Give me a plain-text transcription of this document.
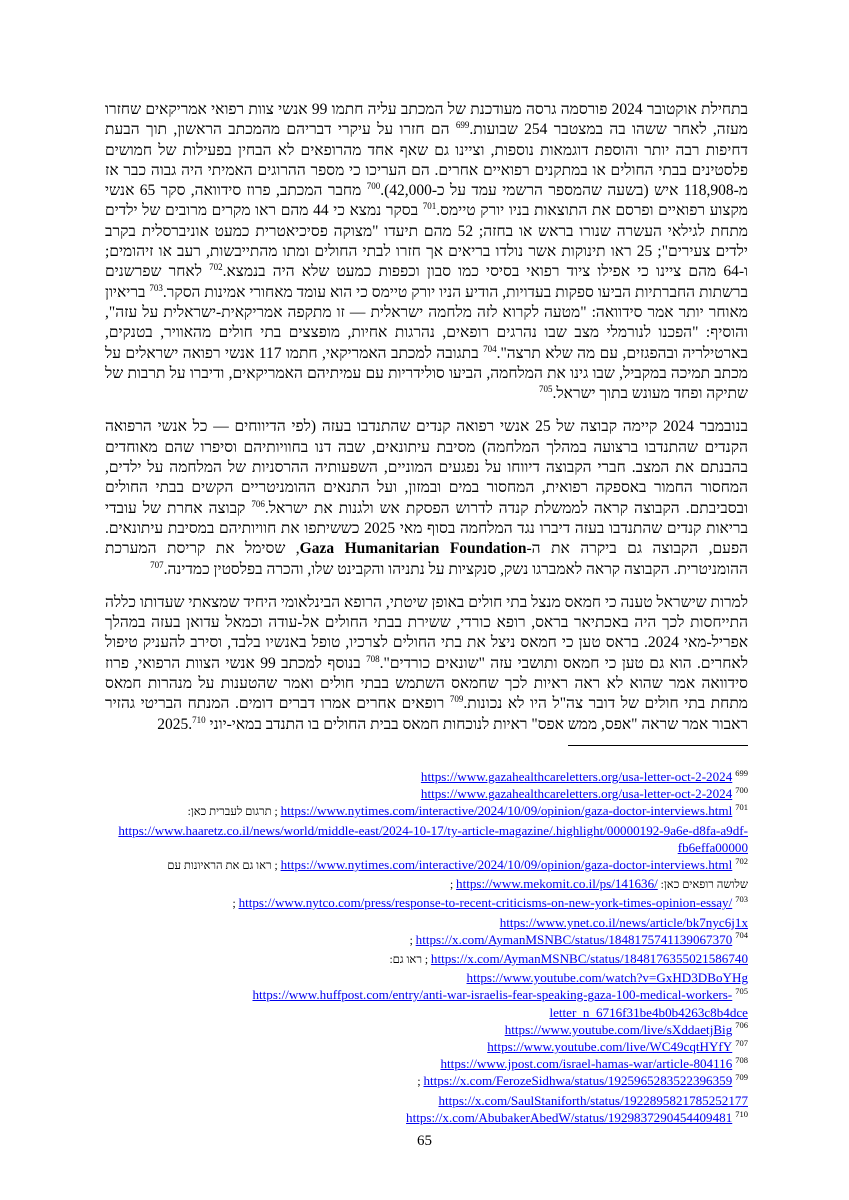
בתחילת אוקטובר 2024 פורסמה גרסה מעודכנת של המכתב עליה חתמו 99 אנשי צוות רפואי אמריקאים שחזרו מעזה, לאחר ששהו בה במצטבר 254 שבועות.$^{699}$ הם חזרו על עיקרי דבריהם מהמכתב הראשון, תוך הבעת דחיפות רבה יותר והוספת דוגמאות נוספות, וציינו גם שאף אחד מהרופאים לא הבחין בפעילות של חמושים פלסטינים בבתי החולים או במתקנים רפואיים אחרים. הם העריכו כי מספר ההרוגים האמיתי היה גבוה כבר אז מ-118,908 איש (בשעה שהמספר הרשמי עמד על כ-42,000).$^{700}$ מחבר המכתב, פרוז סידוואה, סקר 65 אנשי מקצוע רפואיים ופרסם את התוצאות בניו יורק טיימס.$^{701}$ בסקר נמצא כי 44 מהם ראו מקרים מרובים של ילדים מתחת לגילאי העשרה שנורו בראש או בחזה; 52 מהם תיעדו "מצוקה פסיכיאטרית כמעט אוניברסלית בקרב ילדים צעירים"; 25 ראו תינוקות אשר נולדו בריאים אך חזרו לבתי החולים ומתו מהתייבשות, רעב או זיהומים; ו-64 מהם ציינו כי אפילו ציוד רפואי בסיסי כמו סבון וכפפות כמעט שלא היה בנמצא.$^{702}$ לאחר שפרשנים ברשתות החברתיות הביעו ספקות בעדויות, הודיע הניו יורק טיימס כי הוא עומד מאחורי אמינות הסקר.$^{703}$ בריאיון מאוחר יותר אמר סידוואה: "מטעה לקרוא לזה מלחמה ישראלית — זו מתקפה אמריקאית-ישראלית על עזה", והוסיף: "הפכנו לנורמלי מצב שבו נהרגים רופאים, נהרגות אחיות, מופצצים בתי חולים מהאוויר, בטנקים, בארטילריה ובהפגזים, עם מה שלא תרצה".$^{704}$ בתגובה למכתב האמריקאי, חתמו 117 אנשי רפואה ישראלים על מכתב תמיכה במקביל, שבו גינו את המלחמה, הביעו סולידריות עם עמיתיהם האמריקאים, ודיברו על תרבות של שתיקה ופחד מעונש בתוך ישראל.$^{705}$

בנובמבר 2024 קיימה קבוצה של 25 אנשי רפואה קנדים שהתנדבו בעזה (לפי הדיווחים — כל אנשי הרפואה הקנדים שהתנדבו ברצועה במהלך המלחמה) מסיבת עיתונאים, שבה דנו בחוויותיהם וסיפרו שהם מאוחדים בהבנתם את המצב. חברי הקבוצה דיווחו על נפגעים המוניים, השפעותיה ההרסניות של המלחמה על ילדים, המחסור החמור באספקה רפואית, המחסור במים ובמזון, ועל התנאים ההומניטריים הקשים בבתי החולים ובסביבתם. הקבוצה קראה לממשלת קנדה לדרוש הפסקת אש ולגנות את ישראל.$^{706}$ קבוצה אחרת של עובדי בריאות קנדים שהתנדבו בעזה דיברו נגד המלחמה בסוף מאי 2025 כששיתפו את חוויותיהם במסיבת עיתונאים. הפעם, הקבוצה גם ביקרה את ה-Gaza Humanitarian Foundation, שסימל את קריסת המערכת ההומניטרית. הקבוצה קראה לאמברגו נשק, סנקציות על נתניהו והקבינט שלו, והכרה בפלסטין כמדינה.$^{707}$

למרות שישראל טענה כי חמאס מנצל בתי חולים באופן שיטתי, הרופא הבינלאומי היחיד שמצאתי שעדותו כללה התייחסות לכך היה באכתיאר בראס, רופא כורדי, ששירת בבתי החולים אל-עודה וכמאל עדואן בעזה במהלך אפריל-מאי 2024. בראס טען כי חמאס ניצל את בתי החולים לצרכיו, טופל באנשיו בלבד, וסירב להעניק טיפול לאחרים. הוא גם טען כי חמאס ותושבי עזה "שונאים כורדים".$^{708}$ בנוסף למכתב 99 אנשי הצוות הרפואי, פרוז סידוואה אמר שהוא לא ראה ראיות לכך שחמאס השתמש בבתי חולים ואמר שהטענות על מנהרות חמאס מתחת בתי חולים של דובר צה"ל היו לא נכונות.$^{709}$ רופאים אחרים אמרו דברים דומים. המנתח הבריטי גהזיר ראבור אמר שראה "אפס, ממש אפס" ראיות לנוכחות חמאס בבית החולים בו התנדב במאי-יוני 2025.$^{710}$

$^{699}$https://www.gazahealthcareletters.org/usa-letter-oct-2-2024
$^{700}$https://www.gazahealthcareletters.org/usa-letter-oct-2-2024
$^{701}$https://www.nytimes.com/interactive/2024/10/09/opinion/gaza-doctor-interviews.html ; תרגום לעברית כאן:
https://www.haaretz.co.il/news/world/middle-east/2024-10-17/ty-article-magazine/.highlight/00000192-9a6e-d8fa-a9df-fb6effa00000
$^{702}$https://www.nytimes.com/interactive/2024/10/09/opinion/gaza-doctor-interviews.html ; ראו גם את הראיונות עם
שלושה רופאים כאן: https://www.mekomit.co.il/ps/141636/ ;
$^{703}$https://www.nytco.com/press/response-to-recent-criticisms-on-new-york-times-opinion-essay/ ;
https://www.ynet.co.il/news/article/bk7nyc6j1x
$^{704}$https://x.com/AymanMSNBC/status/1848175741139067370 ;
https://x.com/AymanMSNBC/status/1848176355021586740 ; ראו גם:
https://www.youtube.com/watch?v=GxHD3DBoYHg
$^{705}$https://www.huffpost.com/entry/anti-war-israelis-fear-speaking-gaza-100-medical-workers-letter_n_6716f31be4b0b4263c8b4dce
$^{706}$https://www.youtube.com/live/sXddaetjBig
$^{707}$https://www.youtube.com/live/WC49cqtHYfY
$^{708}$https://www.jpost.com/israel-hamas-war/article-804116
$^{709}$https://x.com/FerozeSidhwa/status/1925965283522396359 ;
https://x.com/SaulStaniforth/status/1922895821785252177
$^{710}$https://x.com/AbubakerAbedW/status/1929837290454409481
65
